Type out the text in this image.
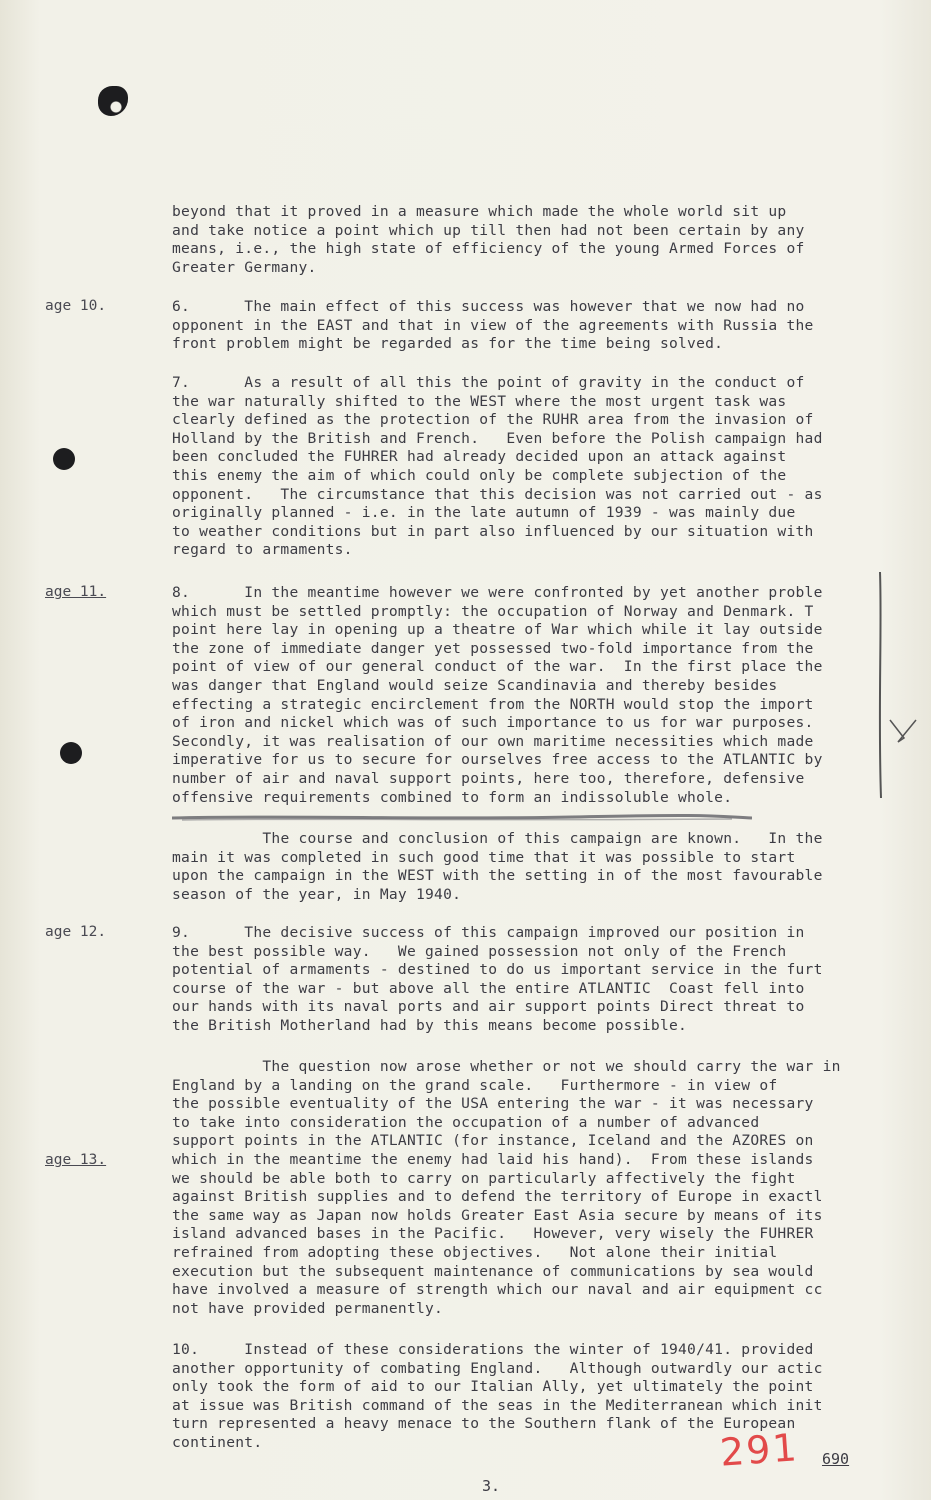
age 10.
age 11.
age 12.
age 13.
beyond that it proved in a measure which made the whole world sit up
and take notice a point which up till then had not been certain by any
means, i.e., the high state of efficiency of the young Armed Forces of
Greater Germany.
6.      The main effect of this success was however that we now had no
opponent in the EAST and that in view of the agreements with Russia the
front problem might be regarded as for the time being solved.
7.      As a result of all this the point of gravity in the conduct of
the war naturally shifted to the WEST where the most urgent task was
clearly defined as the protection of the RUHR area from the invasion of
Holland by the British and French.   Even before the Polish campaign had
been concluded the FUHRER had already decided upon an attack against
this enemy the aim of which could only be complete subjection of the
opponent.   The circumstance that this decision was not carried out - as
originally planned - i.e. in the late autumn of 1939 - was mainly due
to weather conditions but in part also influenced by our situation with
regard to armaments.
8.      In the meantime however we were confronted by yet another proble
which must be settled promptly: the occupation of Norway and Denmark. T
point here lay in opening up a theatre of War which while it lay outside
the zone of immediate danger yet possessed two-fold importance from the
point of view of our general conduct of the war.  In the first place the
was danger that England would seize Scandinavia and thereby besides
effecting a strategic encirclement from the NORTH would stop the import
of iron and nickel which was of such importance to us for war purposes.
Secondly, it was realisation of our own maritime necessities which made
imperative for us to secure for ourselves free access to the ATLANTIC by
number of air and naval support points, here too, therefore, defensive
offensive requirements combined to form an indissoluble whole.
The course and conclusion of this campaign are known.   In the
main it was completed in such good time that it was possible to start
upon the campaign in the WEST with the setting in of the most favourable
season of the year, in May 1940.
9.      The decisive success of this campaign improved our position in
the best possible way.   We gained possession not only of the French
potential of armaments - destined to do us important service in the furt
course of the war - but above all the entire ATLANTIC  Coast fell into
our hands with its naval ports and air support points Direct threat to
the British Motherland had by this means become possible.
The question now arose whether or not we should carry the war in
England by a landing on the grand scale.   Furthermore - in view of
the possible eventuality of the USA entering the war - it was necessary
to take into consideration the occupation of a number of advanced
support points in the ATLANTIC (for instance, Iceland and the AZORES on
which in the meantime the enemy had laid his hand).  From these islands
we should be able both to carry on particularly affectively the fight
against British supplies and to defend the territory of Europe in exactl
the same way as Japan now holds Greater East Asia secure by means of its
island advanced bases in the Pacific.   However, very wisely the FUHRER
refrained from adopting these objectives.   Not alone their initial
execution but the subsequent maintenance of communications by sea would
have involved a measure of strength which our naval and air equipment cc
not have provided permanently.
10.     Instead of these considerations the winter of 1940/41. provided
another opportunity of combating England.   Although outwardly our actic
only took the form of aid to our Italian Ally, yet ultimately the point
at issue was British command of the seas in the Mediterranean which init
turn represented a heavy menace to the Southern flank of the European
continent.	291 690
3.
